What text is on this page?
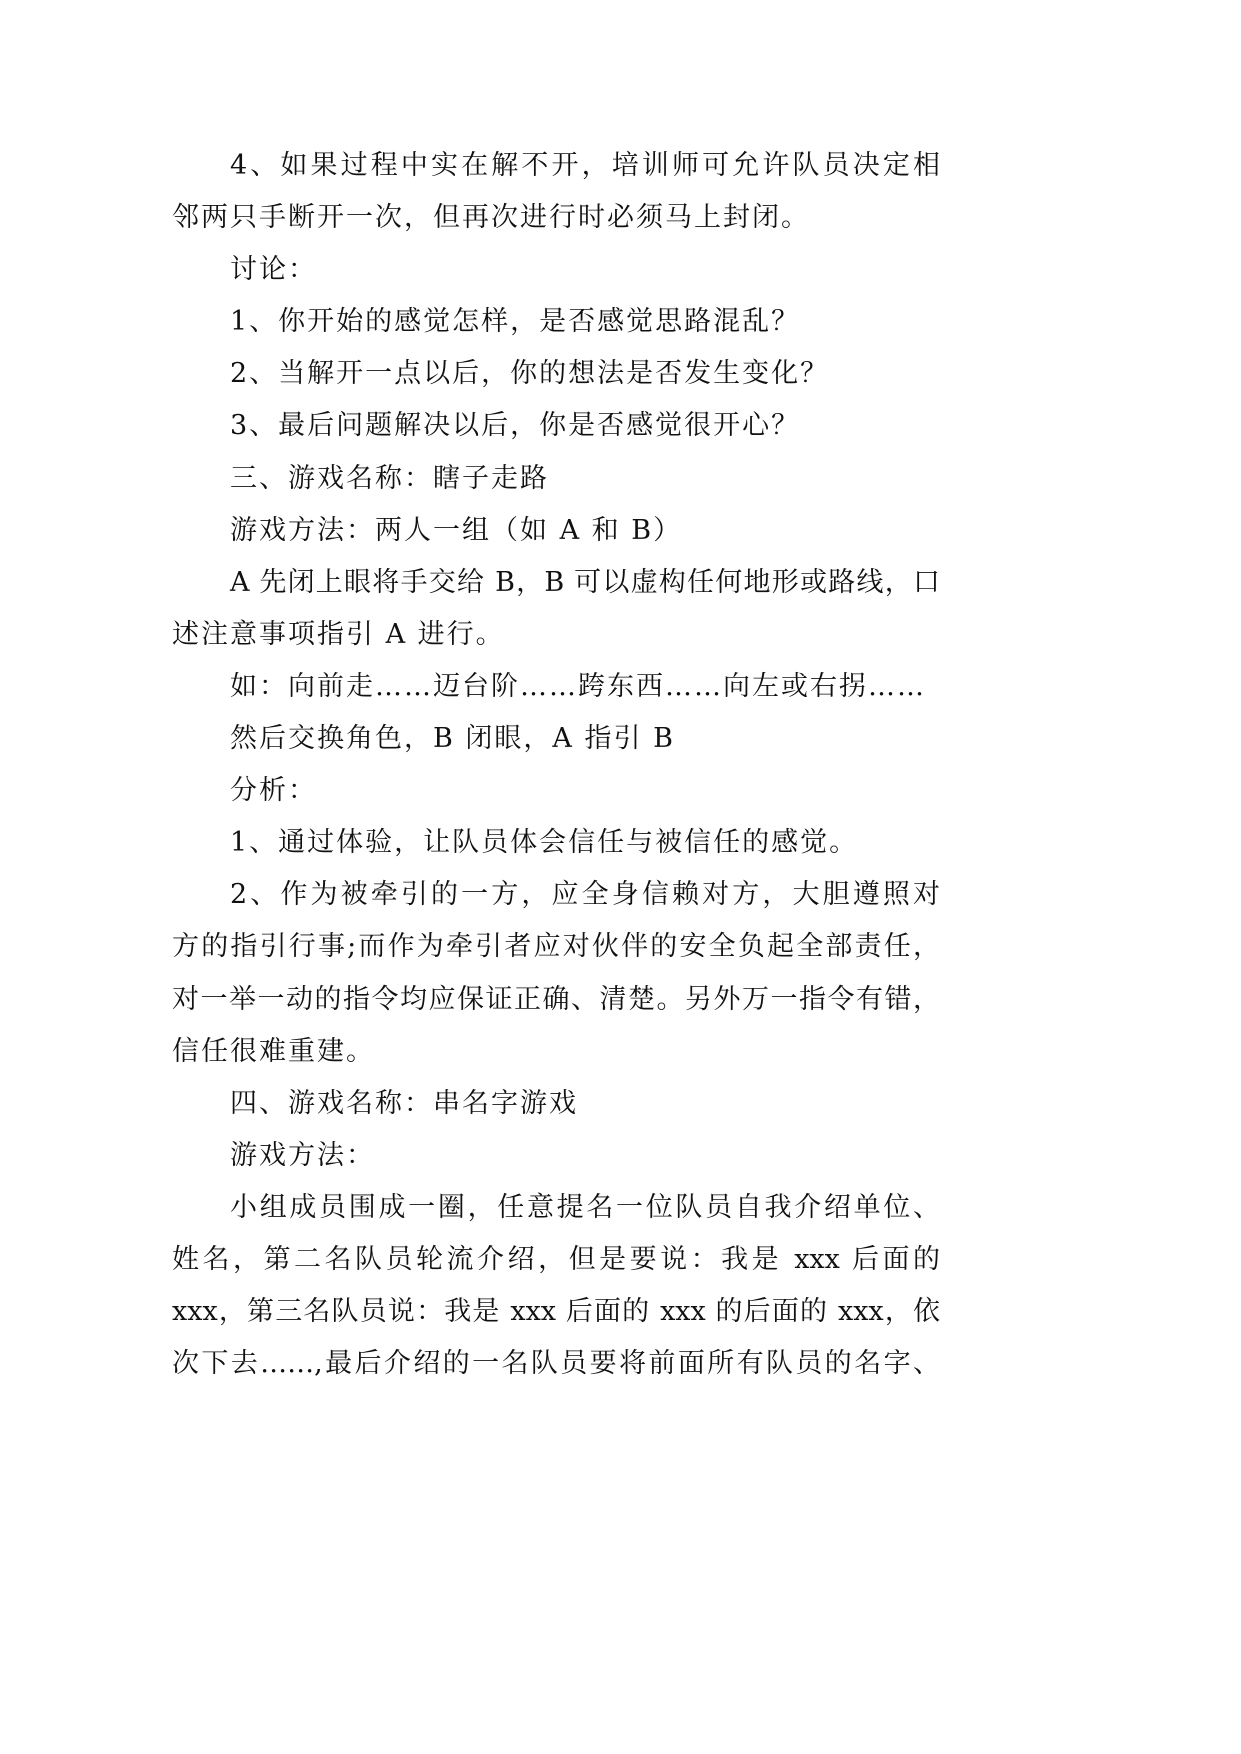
4、如果过程中实在解不开，培训师可允许队员决定相
邻两只手断开一次，但再次进行时必须马上封闭。
讨论：
1、你开始的感觉怎样，是否感觉思路混乱？
2、当解开一点以后，你的想法是否发生变化？
3、最后问题解决以后，你是否感觉很开心？
三、游戏名称：瞎子走路
游戏方法：两人一组（如 A 和 B）
A 先闭上眼将手交给 B，B 可以虚构任何地形或路线，口
述注意事项指引 A 进行。
如：向前走……迈台阶……跨东西……向左或右拐……
然后交换角色，B 闭眼，A 指引 B
分析：
1、通过体验，让队员体会信任与被信任的感觉。
2、作为被牵引的一方，应全身信赖对方，大胆遵照对
方的指引行事;而作为牵引者应对伙伴的安全负起全部责任，
对一举一动的指令均应保证正确、清楚。另外万一指令有错，
信任很难重建。
四、游戏名称：串名字游戏
游戏方法：
小组成员围成一圈，任意提名一位队员自我介绍单位、
姓名，第二名队员轮流介绍，但是要说：我是 xxx 后面的
xxx，第三名队员说：我是 xxx 后面的 xxx 的后面的 xxx，依
次下去……,最后介绍的一名队员要将前面所有队员的名字、
